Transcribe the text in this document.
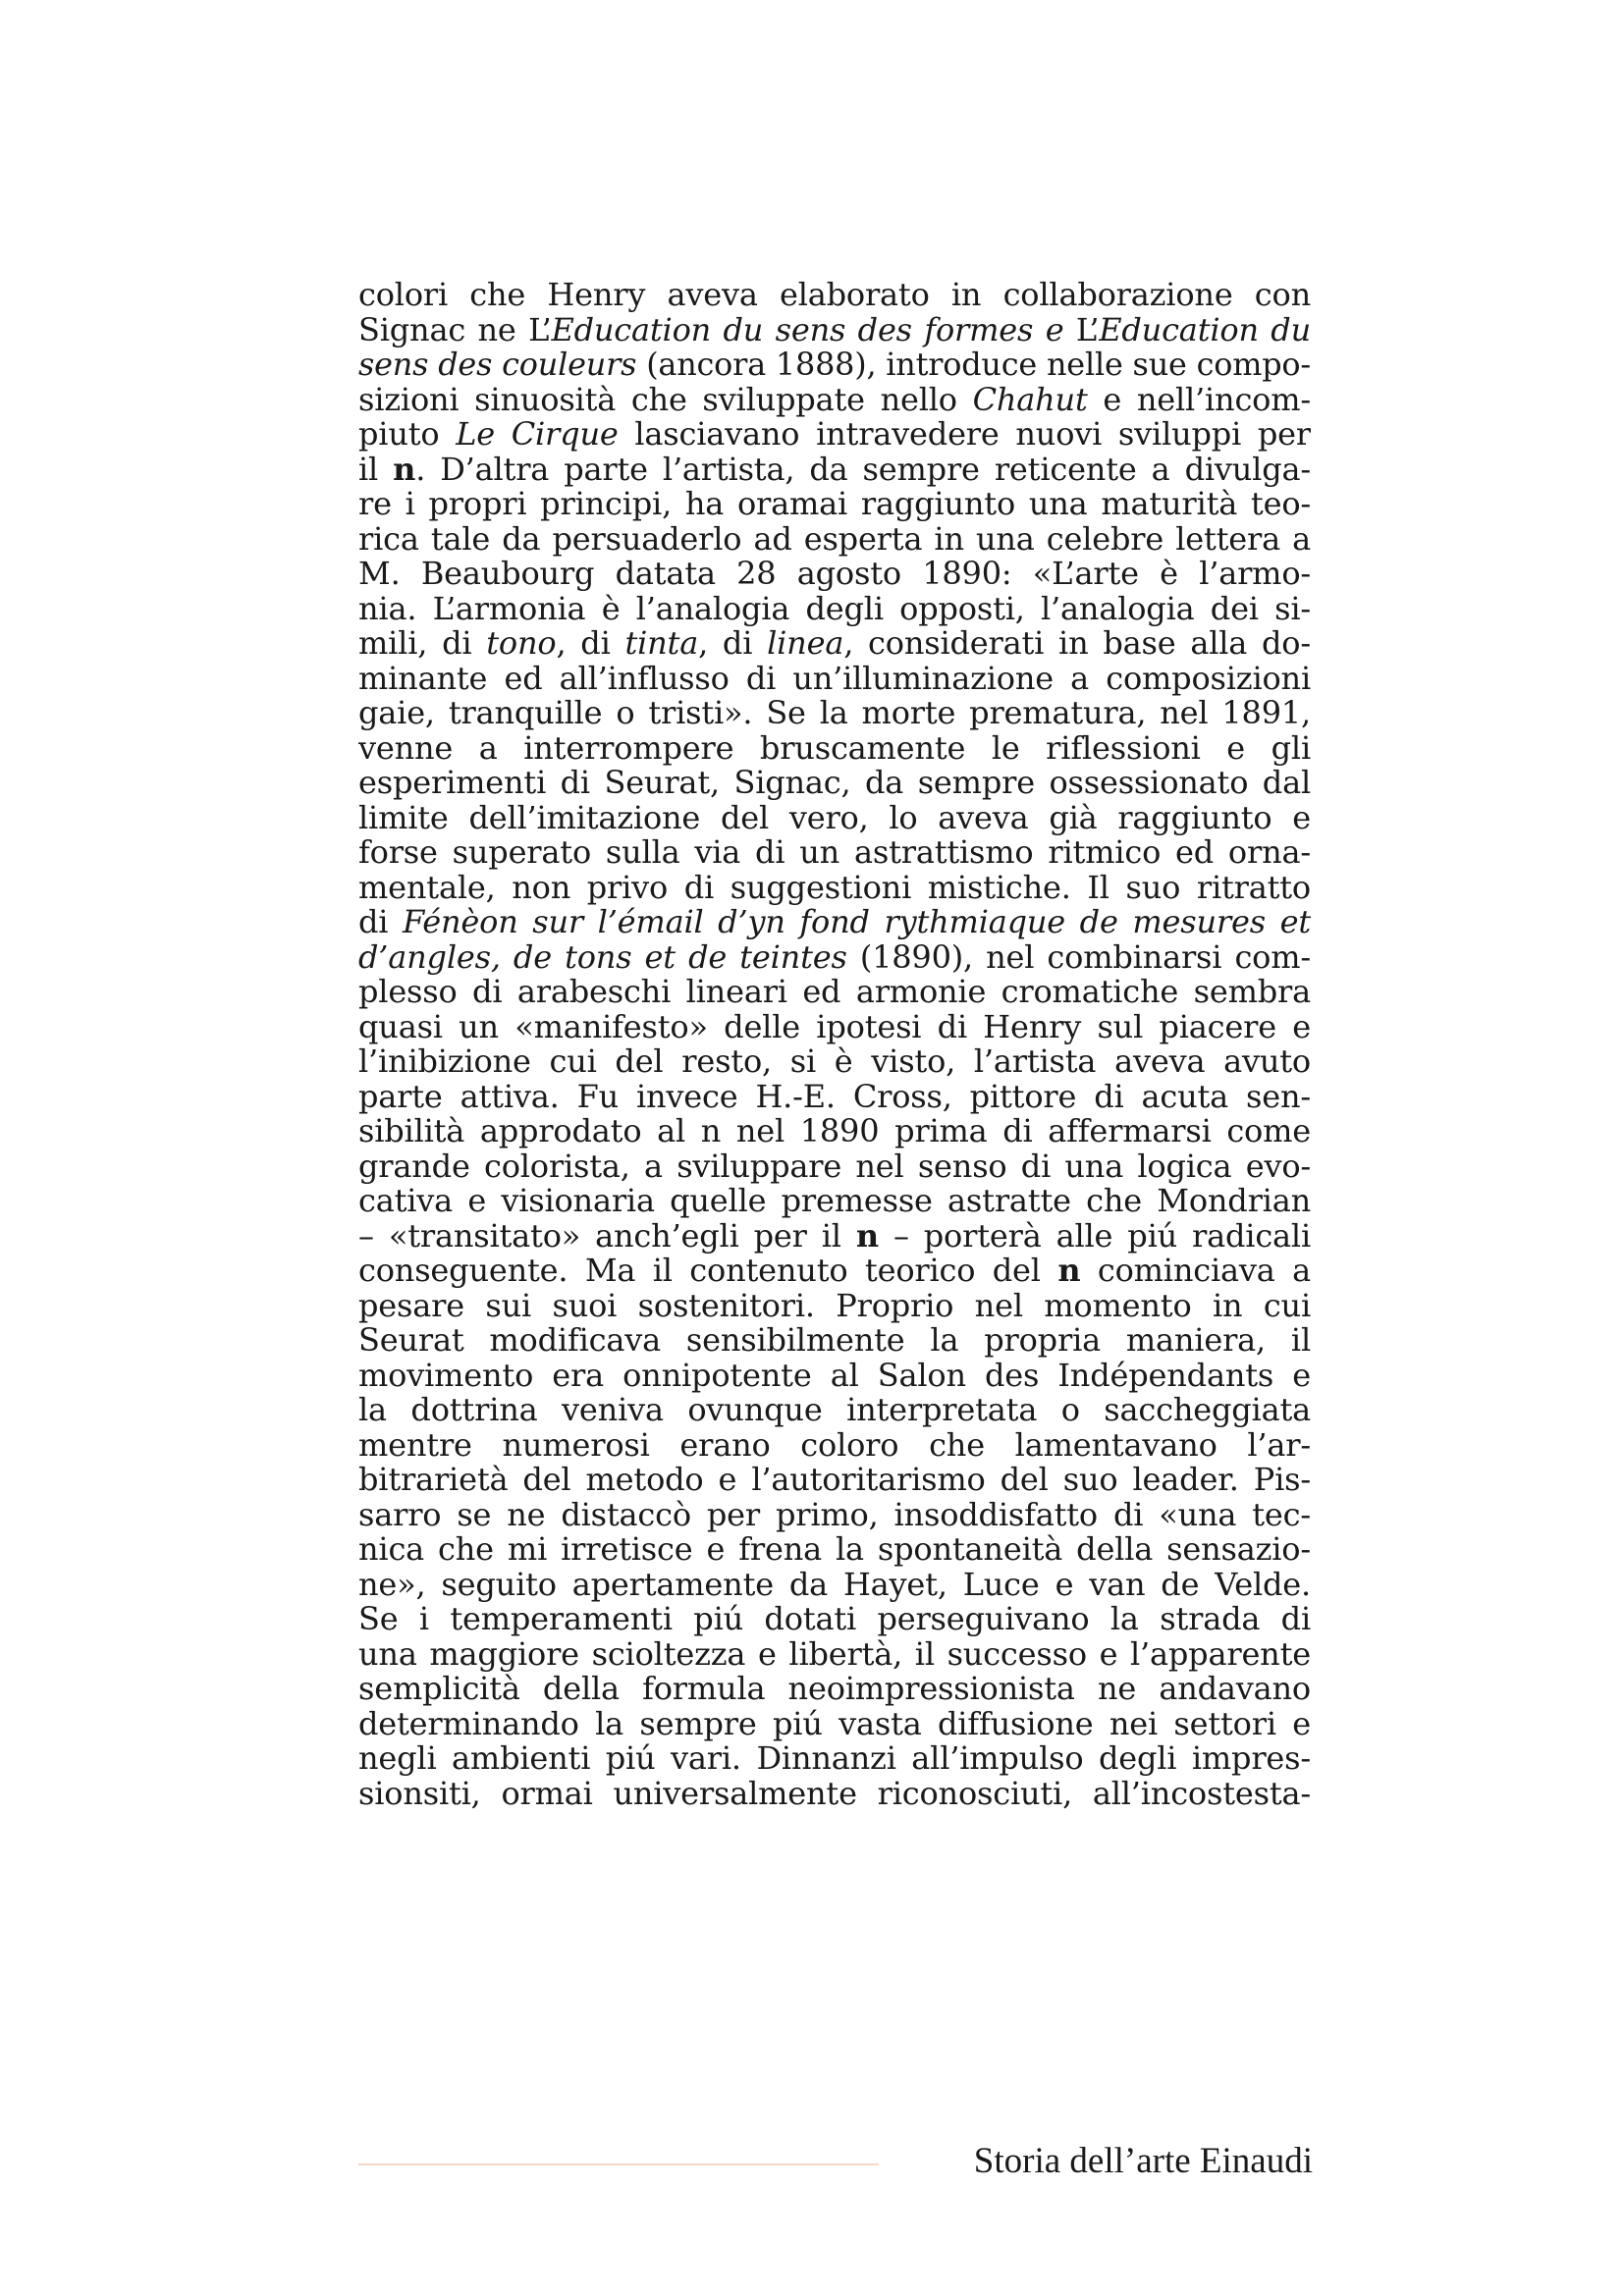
colori che Henry aveva elaborato in collaborazione con
Signac ne L’Education du sens des formes e L’Education du
sens des couleurs (ancora 1888), introduce nelle sue compo-
sizioni sinuosità che sviluppate nello Chahut e nell’incom-
piuto Le Cirque lasciavano intravedere nuovi sviluppi per
il n. D’altra parte l’artista, da sempre reticente a divulga-
re i propri principi, ha oramai raggiunto una maturità teo-
rica tale da persuaderlo ad esperta in una celebre lettera a
M. Beaubourg datata 28 agosto 1890: «L’arte è l’armo-
nia. L’armonia è l’analogia degli opposti, l’analogia dei si-
mili, di tono, di tinta, di linea, considerati in base alla do-
minante ed all’influsso di un’illuminazione a composizioni
gaie, tranquille o tristi». Se la morte prematura, nel 1891,
venne a interrompere bruscamente le riflessioni e gli
esperimenti di Seurat, Signac, da sempre ossessionato dal
limite dell’imitazione del vero, lo aveva già raggiunto e
forse superato sulla via di un astrattismo ritmico ed orna-
mentale, non privo di suggestioni mistiche. Il suo ritratto
di Fénèon sur l’émail d’yn fond rythmiaque de mesures et
d’angles, de tons et de teintes (1890), nel combinarsi com-
plesso di arabeschi lineari ed armonie cromatiche sembra
quasi un «manifesto» delle ipotesi di Henry sul piacere e
l’inibizione cui del resto, si è visto, l’artista aveva avuto
parte attiva. Fu invece H.-E. Cross, pittore di acuta sen-
sibilità approdato al n nel 1890 prima di affermarsi come
grande colorista, a sviluppare nel senso di una logica evo-
cativa e visionaria quelle premesse astratte che Mondrian
– «transitato» anch’egli per il n – porterà alle piú radicali
conseguente. Ma il contenuto teorico del n cominciava a
pesare sui suoi sostenitori. Proprio nel momento in cui
Seurat modificava sensibilmente la propria maniera, il
movimento era onnipotente al Salon des Indépendants e
la dottrina veniva ovunque interpretata o saccheggiata
mentre numerosi erano coloro che lamentavano l’ar-
bitrarietà del metodo e l’autoritarismo del suo leader. Pis-
sarro se ne distaccò per primo, insoddisfatto di «una tec-
nica che mi irretisce e frena la spontaneità della sensazio-
ne», seguito apertamente da Hayet, Luce e van de Velde.
Se i temperamenti piú dotati perseguivano la strada di
una maggiore scioltezza e libertà, il successo e l’apparente
semplicità della formula neoimpressionista ne andavano
determinando la sempre piú vasta diffusione nei settori e
negli ambienti piú vari. Dinnanzi all’impulso degli impres-
sionsiti, ormai universalmente riconosciuti, all’incostesta-
Storia dell’arte Einaudi
